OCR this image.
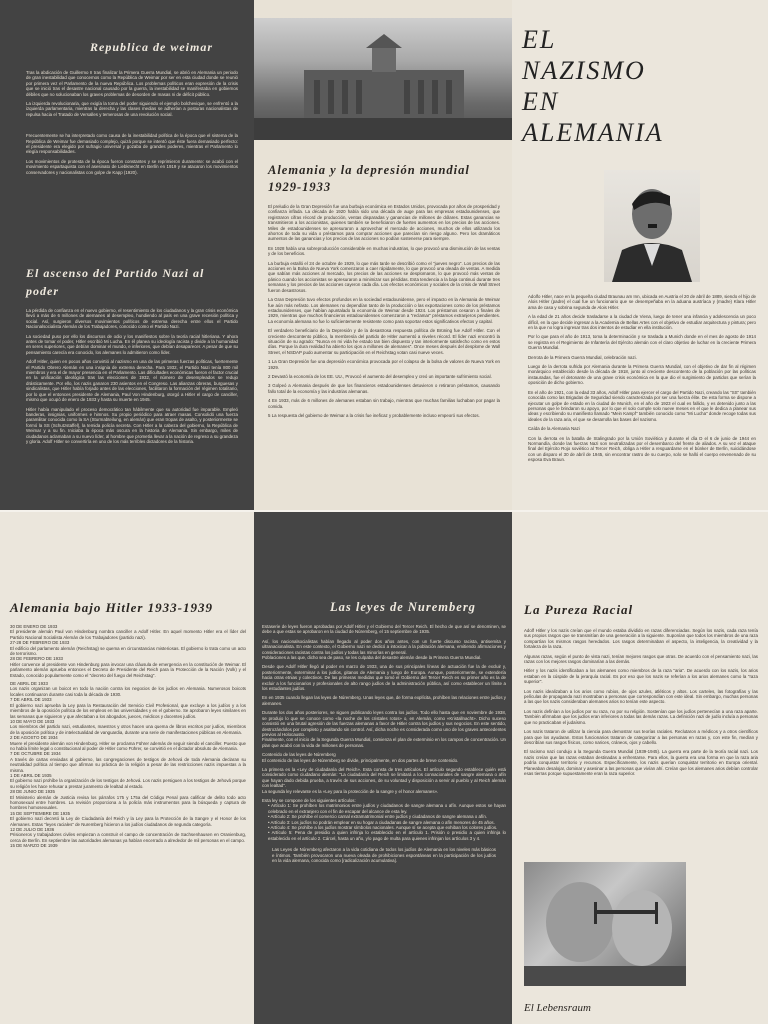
Republica de weimar

Tras la abdicación de Guillermo II tras finalizar la Primera Guerra Mundial, se abrió en Alemania un periodo de gran inestabilidad que conocemos como la República de Weimar por ser en esta ciudad donde se reunió por primera vez el Parlamento de la nueva República. Los problemas políticos eran expresión de la crisis que se inició tras el desastre nacional causado por la guerra, la inestabilidad se manifestaba en gobiernos débiles que no solucionaban los graves problemas de desorden de masas ni de déficit público.

La izquierda revolucionaria, que exigía la toma del poder siguiendo el ejemplo bolchevique, se enfrentó a la izquierda parlamentaria, mientras la derecha y las clases medias se adherían a posturas nacionalistas de repulsa hacia el Tratado de Versalles y temerosas de una revolución social.

Frecuentemente se ha interpretado como causa de la inestabilidad política de la época que el sistema de la República de Weimar fue demasiado complejo, quizá porque se intentó que éste fuera demasiado perfecto: el presidente era elegido por sufragio universal y gozaba de grandes poderes, mientras el Parlamento lo elegía responsabilidades.

Los movimientos de protesta de la época fueron constantes y se reprimieron duramente: se acabó con el movimiento espartaquista con el asesinato de Liebknecht en Berlín en 1919 y se atacaron los movimientos conservadores y nacionalistas con golpe de Kapp (1920).

El ascenso del Partido Nazi al poder

La pérdida de confianza en el nuevo gobierno, el resentimiento de los ciudadanos y la gran crisis económica llevó a más de 6 millones de alemanes al desempleo, hundiendo al país en una grave recesión política y social. Así, surgieron diversos movimientos políticos de extrema derecha entre ellos el Partido Nacionalsocialista Alemán de los Trabajadores, conocido como el Partido Nazi.

La sociedad puso por ello los discursos de odio y los manifiestos sobre la teoría racial hitleriana. Y ahora antes de tomar el poder, Hitler escribió Mi Lucha. En él planea su ideología racista y divide a la humanidad en seres superiores, que debían dominar el mundo, e inferiores, que debían desaparecer. A pesar de que su pensamiento carecía era conocido, los alemanes lo admitieron como líder.

Adolf Hitler, quien en pocos años convirtió al nazismo en una de las primeras fuerzas políticas, fuertemente el Partido Obrero Alemán en una insignia de extrema derecha. Para 1932, el Partido Nazi tenía 800 mil miembros y era el de mayor presencia en el Parlamento. Las dificultades económicas fueron el factor crucial en la unificación ideológica tras las elecciones de 1932, el número de desempleados se redujo drásticamente. Por ello, los nazis ganaron 230 asientos en el Congreso. Las alianzas obreras, burguesas y sindicalistas, que Hitler había forjado antes de las elecciones, facilitaron la formación del régimen totalitario, por lo que el entonces presidente de Alemania, Paul Von Hindenburg, otorgó a Hitler el cargo de canciller, mismo que ocupó de enero de 1933 y hasta su muerte en 1945.

Hitler había manipulado el proceso democrático tan hábilmente que su autoridad fue imparable. Empleó banderas, insignias, uniformes e himnos. Su propio periódico para atraer masas. Consolidó una fuerza paramilitar conocida como la SA (Sturmabteilung, en alemán) que eran tropas de asalto, y posteriormente se formó la SS (Schutzstaffel), la temida policía secreta. Con Hitler a la cabeza del gobierno, la República de Weimar y a su fin. Iniciaba la época más oscura en la historia de Alemania. Sin embargo, miles de ciudadanos aclamaban a su nuevo líder, al hombre que prometía llevar a la nación de regreso a su grandeza y gloria. Adolf Hitler se convertiría en uno de los más terribles dictadores de la historia.

Alemania y la depresión mundial 1929-1933

El preludio de la Gran Depresión fue una burbuja económica en Estados Unidos, provocada por años de prosperidad y confianza inflada. La década de 1920 había sido una década de auge para las empresas estadounidenses, que registraron cifras récord de producción, ventas disparadas y ganancias de millones de dólares. Estas ganancias se transmitieron a los accionistas, quienes también se beneficiaron de fuertes aumentos en los precios de las acciones. Miles de estadounidenses se apresuraron a aprovechar el mercado de acciones, muchos de ellos utilizando los ahorros de toda su vida o préstamos para comprar acciones que parecían sin riesgo alguno. Pero los dramáticos aumentos de las ganancias y los precios de las acciones no podían sostenerse para siempre.

En 1928 había una sobreproducción considerable en muchas industrias, lo que provocó una disminución de las ventas y de los beneficios.

La burbuja estalló el 24 de octubre de 1929, lo que más tarde se describió como el "jueves negro". Los precios de las acciones en la Bolsa de Nueva York comenzaron a caer rápidamente, lo que provocó una oleada de ventas. A medida que sabían más acciones al mercado, los precios de las acciones se desplomaron, lo que provocó más ventas de pánico cuando los accionistas se apresuraron a minimizar sus pérdidas. Esta tendencia a la baja continuó durante tres semanas y los precios de las acciones cayeron cada día. Los efectos económicos y sociales de la crisis de Wall Street fueron desastrosos.

La Gran Depresión tuvo efectos profundos en la sociedad estadounidense, pero el impacto en la Alemania de Weimar fue aún más nefasto. Los alemanes no dependían tanto de la producción o las exportaciones como de los préstamos estadounidenses, que habían apuntalado la economía de Weimar desde 1924. Los préstamos cesaron a finales de 1929, mientras que muchos financieros estadounidenses comenzaron a "reclamar" préstamos extranjeros pendientes. La economía alemana no fue lo suficientemente resistente como para soportar estos significativos efectos y capital.

El verdadero beneficiario de la Depresión y de la desastrosa respuesta política de Brüning fue Adolf Hitler. Con el creciente descontento público, la membresía del partido de Hitler aumentó a niveles récord. El líder nazi encontró la situación de su agrado: "Nunca en mi vida he estado tan bien dispuesto y tan interiormente satisfecho como en estos días. Porque la dura realidad ha abierto los ojos a millones de alemanes". Once meses después del desplome de Wall Street, el NSDAP pudo aumentar su participación en el Reichstag votan casi nueve veces.

1 La Gran Depresión fue una depresión económica provocada por el colapso de la bolsa de valores de Nueva York en 1929.

2 Devastó la economía de los EE. UU., Provocó el aumento del desempleo y creó un importante sufrimiento social.

3 Golpeó a Alemania después de que los financieros estadounidenses detuvieron o retiraron préstamos, causando fallo total de la economía y las industrias alemanas.

4 En 1933, más de 6 millones de alemanes estaban sin trabajo, mientras que muchas familias luchaban por pagar la comida.

5 La respuesta del gobierno de Weimar a la crisis fue ineficaz y probablemente incluso empeoró sus efectos.

EL
NAZISMO
EN
ALEMANIA

Adolfo Hitler, nace en la pequeña ciudad Braunau am Inn, ubicada en Austria el 20 de abril de 1889, siendo el hijo de Alois Hitler (padre) el cual fue un funcionario que se desempeñaba en la aduana austríaca y (madre) Klara Hitler ama de casa y sobrina segunda de Alois Hitler.

A la edad de 21 años decide trasladarse a la ciudad de Viena, luego de tener una infancia y adolescencia un poco difícil, en la que decide ingresar a la Academia de Bellas Artes con el objetivo de estudiar arquitectura y pintura; pero en la que no logra ingresar tras dos intentos de estudiar en ella institución.

Por lo que para el año de 1913, toma la determinación y se traslada a Munich donde en el mes de agosto de 1914 se registra en el Regimiento de Infantería del Ejército alemán con el claro objetivo de luchar en la creciente Primera Guerra Mundial.

Derrota de la Primera Guerra Mundial, celebración nazi.

Luego de la derrota sufrida por Alemania durante la Primera Guerra Mundial, con el objetivo de dar fin al régimen monárquico establecido desde la década de 1918, junto al creciente descontento de la población por las políticas instauradas, fue el detonante de una grave crisis económica en la que dio el surgimiento de partidos que serían la oposición de dicho gobierno.

En el año de 1921, con la edad 33 años, Adolf Hitler para ejercer el cargo del Partido Nazi, creando las "SS" también conocida como las Brigadas de Seguridad siendo caracterizada por ser una fuerza élite. De esta forma se dispone a ejecutar un golpe de estado en la ciudad de Munich, en el año de 1923 el cual es fallido, y es detenido junto a las personas que le brindaron su apoyo, por lo que el solo cumple solo nueve meses en el que le dedica a planear sus ideas y escribiendo su manifiesto llamado "Mein Kampf" también conocido como "Mi Lucha" donde recoge todas sus ideales de la raza aria, el que se desarrolla las bases del nazismo.

Caída de la Alemania Nazi

Con la derrota en la batalla de Stalingrado por la Unión Soviética y durante el día D el 6 de junio de 1944 en Normandía, donde las fuerzas Nazi son neutralizadas por el desembarco del frente de aliados. A su vez el ataque final del Ejército Rojo soviético al Tercer Reich, obliga a Hitler a resguardarse en el búnker de Berlín, suicidándose con un disparo el 30 de abril de 1945, sin encontrar rastro de su cuerpo, solo se halló el cuerpo envenenado de su esposa Eva Braun.

Alemania bajo Hitler 1933-1939

30 DE ENERO DE 1933

El presidente alemán Paul von Hindenburg nombra canciller a Adolf Hitler. En aquel momento Hitler era el líder del Partido Nacional Socialista Alemán de los Trabajadores (partido nazi).

27-28 DE FEBRERO DE 1933

El edificio del parlamento alemán (Reichstag) se quema en circunstancias misteriosas. El gobierno lo trata como un acto de terrorismo.

28 DE FEBRERO DE 1933

Hitler convence al presidente von Hindenburg para invocar una cláusula de emergencia en la constitución de Weimar. El parlamento alemán aprueba entonces el Decreto de Presidente del Reich para la Protección de la Nación (Volk) y el Estado, conocido popularmente como el "decreto del fuego del Reichstag".

DE ABRIL DE 1933

Los nazis organizan un boicot en todo la nación contra los negocios de los judíos en Alemania. Numerosos boicots locales continuaron durante casi toda la década de 1930.

7 DE ABRIL DE 1933

El gobierno nazi aprueba la Ley para la Restauración del Servicio Civil Profesional, que excluye a los judíos y a los miembros de la oposición política de los empleos en las universidades y en el gobierno. Se aprobaron leyes similares en las semanas que siguieron y que afectaban a los abogados, jueces, médicos y docentes judíos.

10 DE MAYO DE 1933

Los miembros del partido nazi, estudiantes, maestros y otros hacen una quema de libros escritos por judíos, miembros de la oposición política y de intelectualidad de vanguardia, durante una serie de manifestaciones públicas en Alemania.

2 DE AGOSTO DE 1934

Muere el presidente alemán von Hindenburg. Hitler se proclama Führer además de seguir siendo el canciller. Puesto que no había límite legal o constitucional al poder de Hitler como Führer, se convirtió en el dictador absoluto de Alemania.

7 DE OCTUBRE DE 1934

A través de cartas enviadas al gobierno, las congregaciones de testigos de Jehová de toda Alemania declaran su neutralidad política al tiempo que afirman su práctica de la religión a pesar de las restricciones nazis impuestas a la misma.

1 DE ABRIL DE 1935

El gobierno nazi prohíbe la organización de los testigos de Jehová. Los nazis persiguen a los testigos de Jehová porque su religión les hace rehusar a prestar juramento de lealtad al estado.

28 DE JUNIO DE 1935

El Ministerio alemán de Justicia revisa los párrafos 175 y 175a del Código Penal para calificar de delito todo acto homosexual entre hombres. La revisión proporciona a la policía más instrumentos para la búsqueda y captura de hombres homosexuales.

15 DE SEPTIEMBRE DE 1935

El gobierno nazi decretó la Ley de Ciudadanía del Reich y la Ley para la Protección de la Sangre y el Honor de los Alemanes. Estas "leyes raciales" de Nuremberg hicieron a los judíos ciudadanos de segunda categoría.

12 DE JULIO DE 1936

Prisioneros y trabajadores civiles empiezan a construir el campo de concentración de Sachsenhausen en Oranienburg, cerca de Berlín. En septiembre las autoridades alemanas ya habían encerrado a alrededor de mil personas en el campo.

15 DE MARZO DE 1939

Las leyes de Nuremberg

Estaserie de leyes fueron aprobadas por Adolf Hitler y el Gobierno del Tercer Reich. El hecho de que así se denominen, se debe a que estas se aprobaron en la ciudad de Núremberg, el 15 septiembre de 1935.

Así, los nacionalsocialistas habían llegado al poder dos años antes, con un fuerte discurso racista, antisemita y ultranacionalista. En este contexto, el Gobierno nazi se dedicó a intoxicar a la población alemana, emitiendo afirmaciones y consideraciones racistas contra los judíos y todas las minorías en general.

Poblaciones a las que, dicho sea de paso, se les culpaba del desastre alemán desde la Primera Guerra Mundial.

Desde que Adolf Hitler llegó al poder en marzo de 1933, una de sus principales líneas de actuación fue la de excluir y, posteriormente, exterminar a los judíos, gitanos de Alemania y luego de Europa. Aunque, posteriormente, se extendería hacia otras etnias y colectivos. De las primeras medidas que tomó el Gobierno del Tercer Reich es su primer año es la de excluir a los funcionarios y profesionales de alto rango judíos de la administración pública, así como establecer un límite a los estudiantes judíos.

En en 1935 cuando llegan las leyes de Núremberg. Unas leyes que, de forma explícita, prohíben las relaciones entre judíos y alemanes.

Durante los dos años posteriores, se siguen publicando leyes contra los judíos. Todo ello hasta que en noviembre de 1938, se produjo lo que se conoce como «la noche de los cristales rotos» o, en Alemán, como «Kristallnacht». Dicho suceso consistió en una brutal agresión de las fuerzas alemanas a favor de Hitler contra los judíos y sus negocios. En este sentido, destrozándolos por completo y asaltando sin control. Así, dicha noche es considerada como uno de los graves antecedentes previos al Holocausto.

Finalmente, con el inicio de la Segunda Guerra Mundial, comienza el plan de exterminio en los campos de concentración. Un plan que acabó con la vida de millones de personas.

Contenido de las leyes de Núremberg

El contenido de las leyes de Núremberg se divide, principalmente, en dos partes de breve contenido.

La primera es la «Ley de ciudadanía del Reich». Esta consta de tres artículos. El artículo segundo establece quién está considerado como ciudadano alemán: "La ciudadanía del Reich se limitará a los connacionales de sangre alemana o afín que hayan dado debida prueba, a través de sus acciones, de su voluntad y disposición a servir al pueblo y al Reich alemán con lealtad".

La segunda ley relevante es la «Ley para la protección de la sangre y el honor alemanes».

Esta ley se compone de los siguientes artículos:

• Artículo 1: Se prohíben los matrimonios entre judíos y ciudadanos de sangre alemana o afín. Aunque estos se hayan celebrado en el extranjero con el fin de escapar del alcance de esta ley.

• Artículo 2: Se prohíbe el comercio carnal extramatrimonial entre judíos y ciudadanos de sangre alemana o afín.

• Artículo 3: Los judíos no podrán emplear en su hogar a ciudadanas de sangre alemana o afín menores de 45 años.

• Artículo 4: Se prohíbe a los judíos mostrar símbolos nacionales. Aunque sí se acepta que exhiban los colores judíos.

• Artículo 5: Pena de presidio a quien infrinja lo establecido en el artículo 1. Prisión o presidio a quien infrinja lo establecido en el artículo 2. Cárcel, hasta un año, y/o pago de multa para quienes infrinjan los artículos 3 y 4.

Las Leyes de Núremberg afectaron a la vida cotidiana de todos los judíos de Alemania en los niveles más básicos e íntimos. También provocaron una nueva oleada de prohibiciones espontáneas en la participación de los judíos en la vida alemana, conocida como [radicalización acumulativa].

La Pureza Racial

Adolf Hitler y los nazis creían que el mundo estaba dividido en razas diferenciadas. Según los nazis, cada raza tenía sus propios rasgos que se transmitían de una generación a la siguiente. Suponían que todos los miembros de una raza compartían los mismos rasgos heredados. Los rasgos determinaban el aspecto, la inteligencia, la creatividad y la fortaleza de la raza.

Algunas razas, según el punto de vista nazi, tenían mejores rasgos que otras. De acuerdo con el pensamiento nazi, las razas con los mejores rasgos dominarían a las demás.

Hitler y los nazis identificaban a los alemanes como miembros de la raza "aria". De acuerdo con los nazis, los arios estaban en la cúspide de la jerarquía racial. Es por eso que los nazis se referían a los arios alemanes como la "raza superior".

Los nazis idealizaban a los arios como rubios, de ojos azules, atléticos y altos. Los carteles, las fotografías y las películas de propaganda nazi mostraban a personas que correspondían con este ideal. Sin embargo, muchas personas a las que los nazis consideraban alemanes arios no tenían este aspecto.

Los nazis definían a los judíos por su raza, no por su religión. Sostenían que los judíos pertenecían a una raza aparte. También afirmaban que los judíos eran inferiores a todas las demás razas. La definición nazi de judío incluía a personas que no practicaban el judaísmo.

Los nazis trataron de utilizar la ciencia para demostrar sus teorías raciales. Reclutaron a médicos y a otros científicos para que los ayudaran. Estos funcionarios trataron de categorizar a las personas en razas y, con este fin, medían y describían sus rasgos físicos, como narices, cráneos, ojos y cabello.

El racismo nazi condujo a la Segunda Guerra Mundial (1939-1945). La guerra era parte de la teoría racial nazi. Los nazis creían que las razas estaban destinadas a enfrentarse. Para ellos, la guerra era una forma en que la raza aria podría conquistar territorio y recursos. Específicamente, los nazis querían conquistar territorio en Europa oriental. Planeaban desalojar, dominar y asesinar a las personas que vivían ahí. Creían que los alemanes arios debían controlar esas tierras porque supuestamente eran la raza superior.

El Lebensraum
